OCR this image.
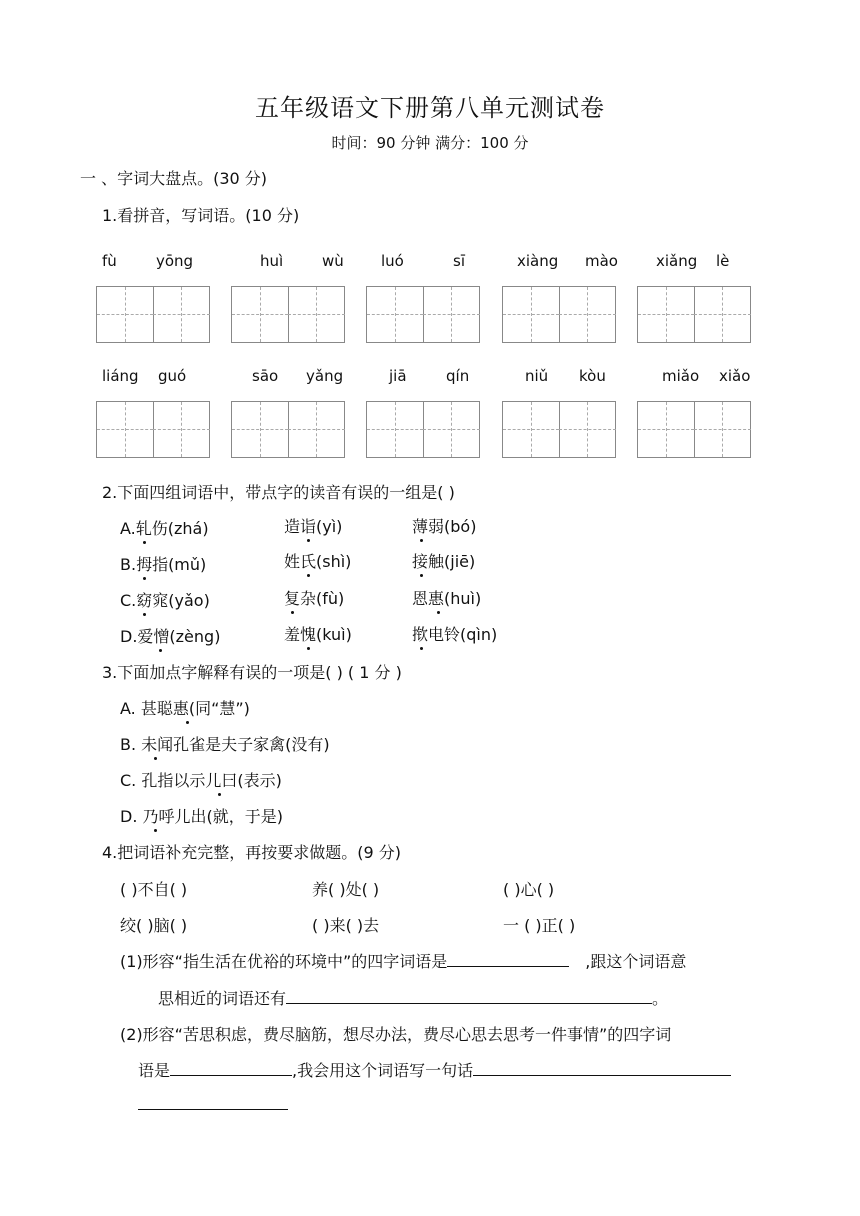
五年级语文下册第八单元测试卷
时间：90 分钟 满分：100 分
一 、字词大盘点。(30 分)
1.看拼音，写词语。(10 分)
fù	yōng	huì	wù luó	sī	xiàng mào	xiǎng lè
liáng guó	sāo yǎng	jiā	qín	niǔ kòu	miǎo xiǎo
2.下面四组词语中，带点字的读音有误的一组是( )
A.轧伤(zhá)	造诣(yì)	薄弱(bó)
B.拇指(mǔ)	姓氏(shì)	接触(jiē)
C.窈窕(yǎo)	复杂(fù)	恩惠(huì)
D.爱憎(zèng)	羞愧(kuì)	揿电铃(qìn)
3.下面加点字解释有误的一项是( ) ( 1 分 )
A. 甚聪惠(同“慧”)
B. 未闻孔雀是夫子家禽(没有)
C. 孔指以示儿曰(表示)
D. 乃呼儿出(就，于是)
4.把词语补充完整，再按要求做题。(9 分)
( )不自( )	养( )处( )	( )心( )
绞( )脑( )	( )来( )去	一 ( )正( )
(1)形容“指生活在优裕的环境中”的四字词语是	,跟这个词语意
思相近的词语还有	。
(2)形容“苦思积虑，费尽脑筋，想尽办法，费尽心思去思考一件事情”的四字词
语是	,我会用这个词语写一句话
